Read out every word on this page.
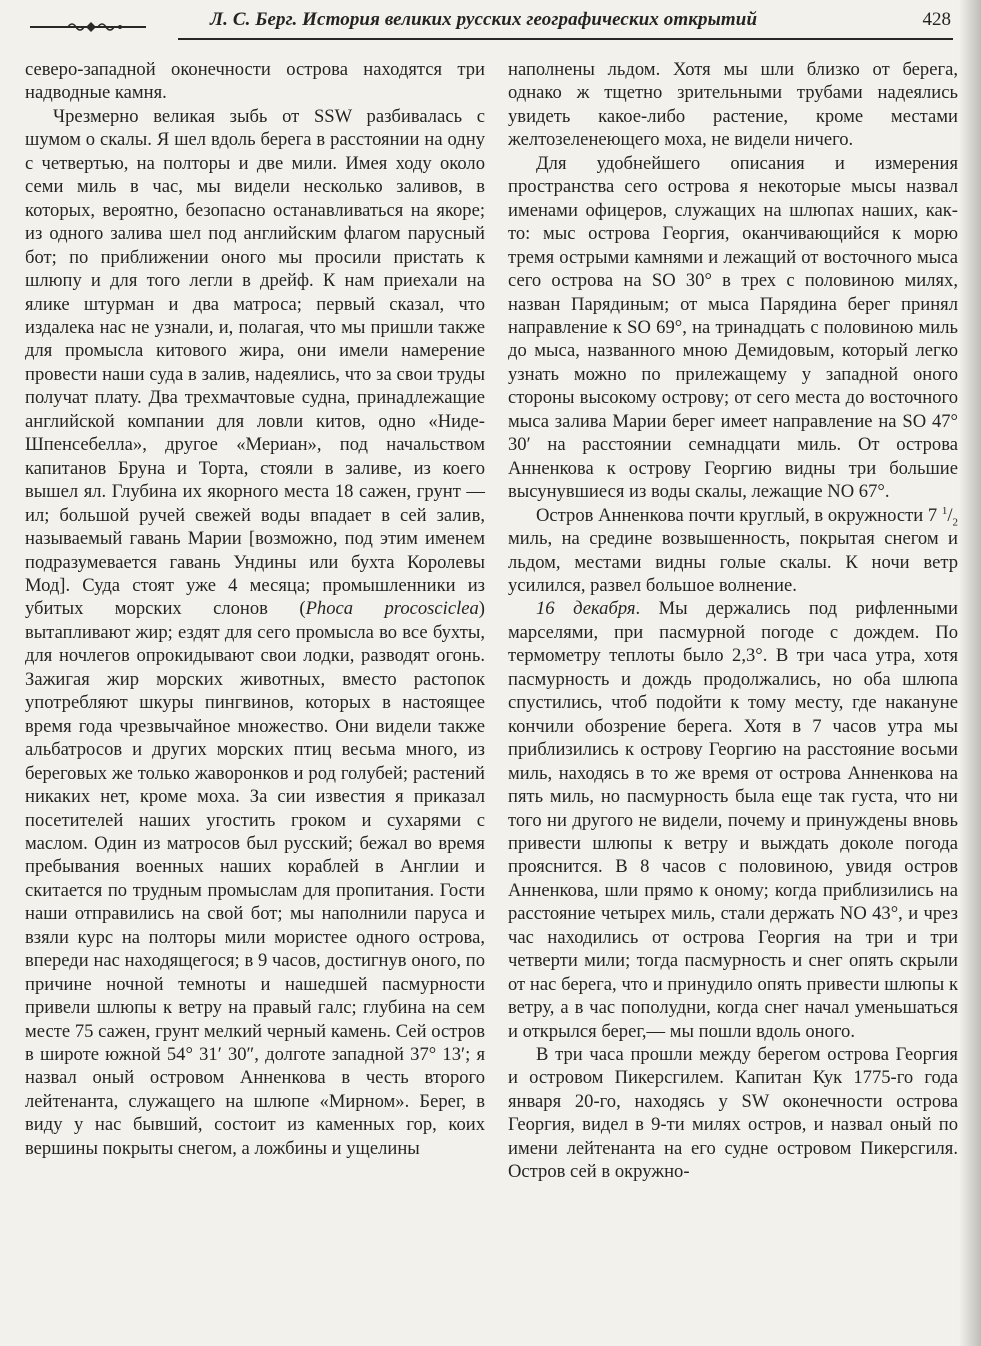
Л. С. Берг. История великих русских географических открытий	428

северо-западной оконечности острова находятся три надводные камня.

Чрезмерно великая зыбь от SSW разбивалась с шумом о скалы. Я шел вдоль берега в расстоянии на одну с четвертью, на полторы и две мили. Имея ходу около семи миль в час, мы видели несколько заливов, в которых, вероятно, безопасно останавливаться на якоре; из одного залива шел под английским флагом парусный бот; по приближении оного мы просили пристать к шлюпу и для того легли в дрейф. К нам приехали на ялике штурман и два матроса; первый сказал, что издалека нас не узнали, и, полагая, что мы пришли также для промысла китового жира, они имели намерение провести наши суда в залив, надеялись, что за свои труды получат плату. Два трехмачтовые судна, принадлежащие английской компании для ловли китов, одно «Ниде-Шпенсебелла», другое «Мериан», под начальством капитанов Бруна и Торта, стояли в заливе, из коего вышел ял. Глубина их якорного места 18 сажен, грунт — ил; большой ручей свежей воды впадает в сей залив, называемый гавань Марии [возможно, под этим именем подразумевается гавань Ундины или бухта Королевы Мод]. Суда стоят уже 4 месяца; промышленники из убитых морских слонов (Phoca procosciclea) вытапливают жир; ездят для сего промысла во все бухты, для ночлегов опрокидывают свои лодки, разводят огонь. Зажигая жир морских животных, вместо растопок употребляют шкуры пингвинов, которых в настоящее время года чрезвычайное множество. Они видели также альбатросов и других морских птиц весьма много, из береговых же только жаворонков и род голубей; растений никаких нет, кроме моха. За сии известия я приказал посетителей наших угостить гроком и сухарями с маслом. Один из матросов был русский; бежал во время пребывания военных наших кораблей в Англии и скитается по трудным промыслам для пропитания. Гости наши отправились на свой бот; мы наполнили паруса и взяли курс на полторы мили мористее одного острова, впереди нас находящегося; в 9 часов, достигнув оного, по причине ночной темноты и нашедшей пасмурности привели шлюпы к ветру на правый галс; глубина на сем месте 75 сажен, грунт мелкий черный камень. Сей остров в широте южной 54° 31′ 30″, долготе западной 37° 13′; я назвал оный островом Анненкова в честь второго лейтенанта, служащего на шлюпе «Мирном». Берег, в виду у нас бывший, состоит из каменных гор, коих вершины покрыты снегом, а ложбины и ущелины

наполнены льдом. Хотя мы шли близко от берега, однако ж тщетно зрительными трубами надеялись увидеть какое-либо растение, кроме местами желтозеленеющего моха, не видели ничего.

Для удобнейшего описания и измерения пространства сего острова я некоторые мысы назвал именами офицеров, служащих на шлюпах наших, как-то: мыс острова Георгия, оканчивающийся к морю тремя острыми камнями и лежащий от восточного мыса сего острова на SO 30° в трех с половиною милях, назван Парядиным; от мыса Парядина берег принял направление к SO 69°, на тринадцать с половиною миль до мыса, названного мною Демидовым, который легко узнать можно по прилежащему у западной оного стороны высокому острову; от сего места до восточного мыса залива Марии берег имеет направление на SO 47° 30′ на расстоянии семнадцати миль. От острова Анненкова к острову Георгию видны три большие высунувшиеся из воды скалы, лежащие NO 67°.

Остров Анненкова почти круглый, в окружности 7 $^1/_2$ миль, на средине возвышенность, покрытая снегом и льдом, местами видны голые скалы. К ночи ветр усилился, развел большое волнение.

16 декабря. Мы держались под рифленными марселями, при пасмурной погоде с дождем. По термометру теплоты было 2,3°. В три часа утра, хотя пасмурность и дождь продолжались, но оба шлюпа спустились, чтоб подойти к тому месту, где накануне кончили обозрение берега. Хотя в 7 часов утра мы приблизились к острову Георгию на расстояние восьми миль, находясь в то же время от острова Анненкова на пять миль, но пасмурность была еще так густа, что ни того ни другого не видели, почему и принуждены вновь привести шлюпы к ветру и выждать доколе погода прояснится. В 8 часов с половиною, увидя остров Анненкова, шли прямо к оному; когда приблизились на расстояние четырех миль, стали держать NO 43°, и чрез час находились от острова Георгия на три и три четверти мили; тогда пасмурность и снег опять скрыли от нас берега, что и принудило опять привести шлюпы к ветру, а в час пополудни, когда снег начал уменьшаться и открылся берег,— мы пошли вдоль оного.

В три часа прошли между берегом острова Георгия и островом Пикерсгилем. Капитан Кук 1775-го года января 20-го, находясь у SW оконечности острова Георгия, видел в 9-ти милях остров, и назвал оный по имени лейтенанта на его судне островом Пикерсгиля. Остров сей в окружно-
